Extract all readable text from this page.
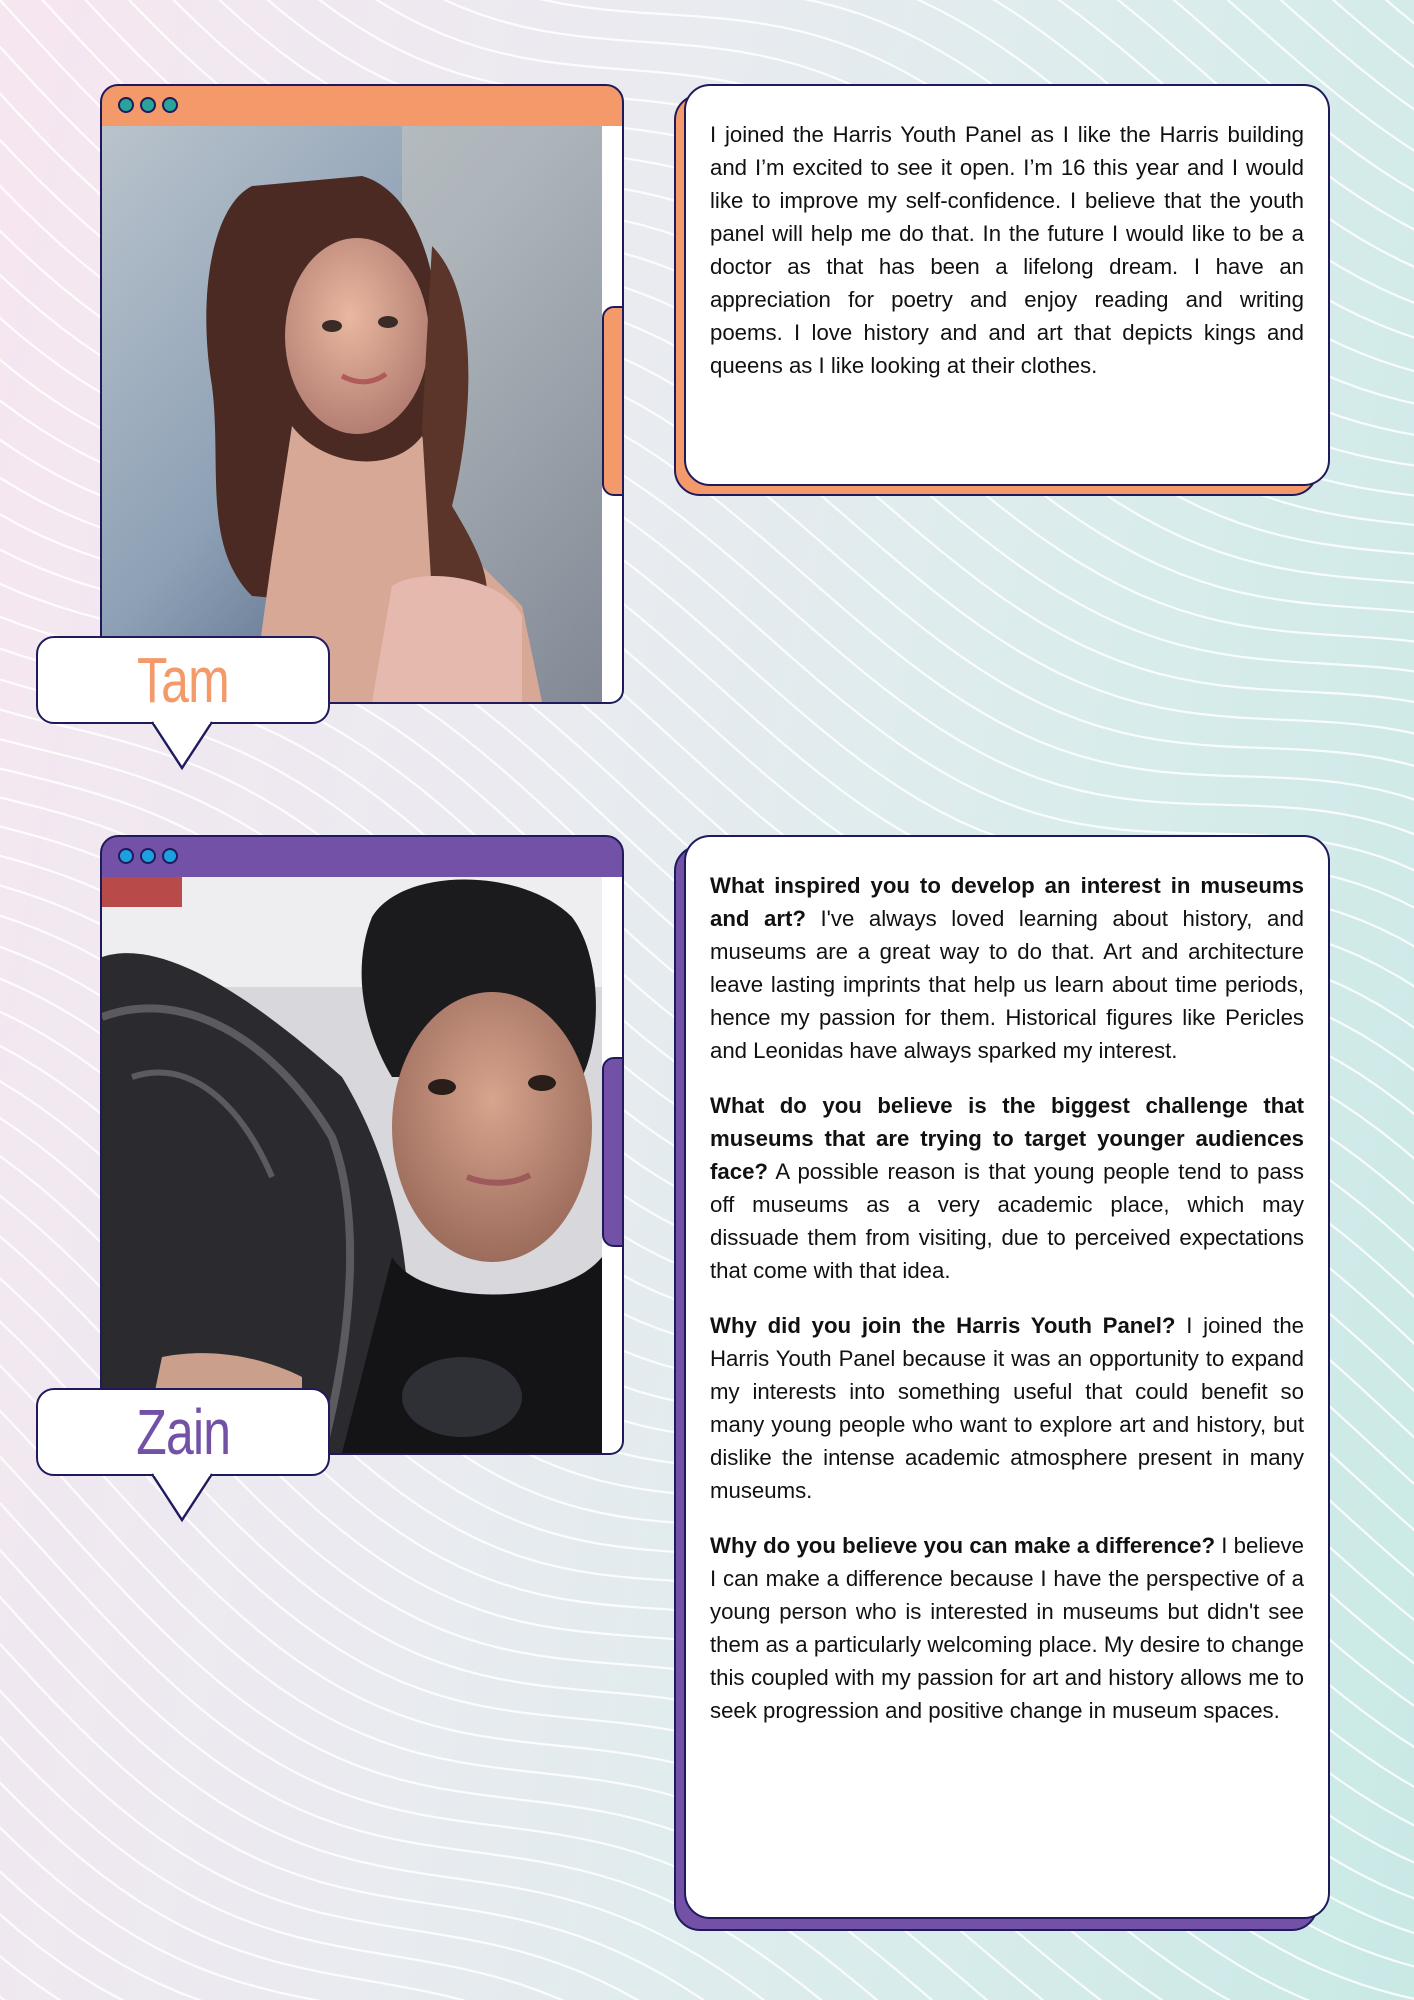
Tam

I joined the Harris Youth Panel as I like the Harris building and I’m excited to see it open. I’m 16 this year and I would like to improve my self-confidence. I believe that the youth panel will help me do that. In the future I would like to be a doctor as that has been a lifelong dream. I have an appreciation for poetry and enjoy reading and writing poems. I love history and and art that depicts kings and queens as I like looking at their clothes.

Zain

What inspired you to develop an interest in museums and art? I've always loved learning about history, and museums are a great way to do that. Art and architecture leave lasting imprints that help us learn about time periods, hence my passion for them. Historical figures like Pericles and Leonidas have always sparked my interest.

What do you believe is the biggest challenge that museums that are trying to target younger audiences face? A possible reason is that young people tend to pass off museums as a very academic place, which may dissuade them from visiting, due to perceived expectations that come with that idea.

Why did you join the Harris Youth Panel? I joined the Harris Youth Panel because it was an opportunity to expand my interests into something useful that could benefit so many young people who want to explore art and history, but dislike the intense academic atmosphere present in many museums.

Why do you believe you can make a difference? I believe I can make a difference because I have the perspective of a young person who is interested in museums but didn't see them as a particularly welcoming place. My desire to change this coupled with my passion for art and history allows me to seek progression and positive change in museum spaces.
